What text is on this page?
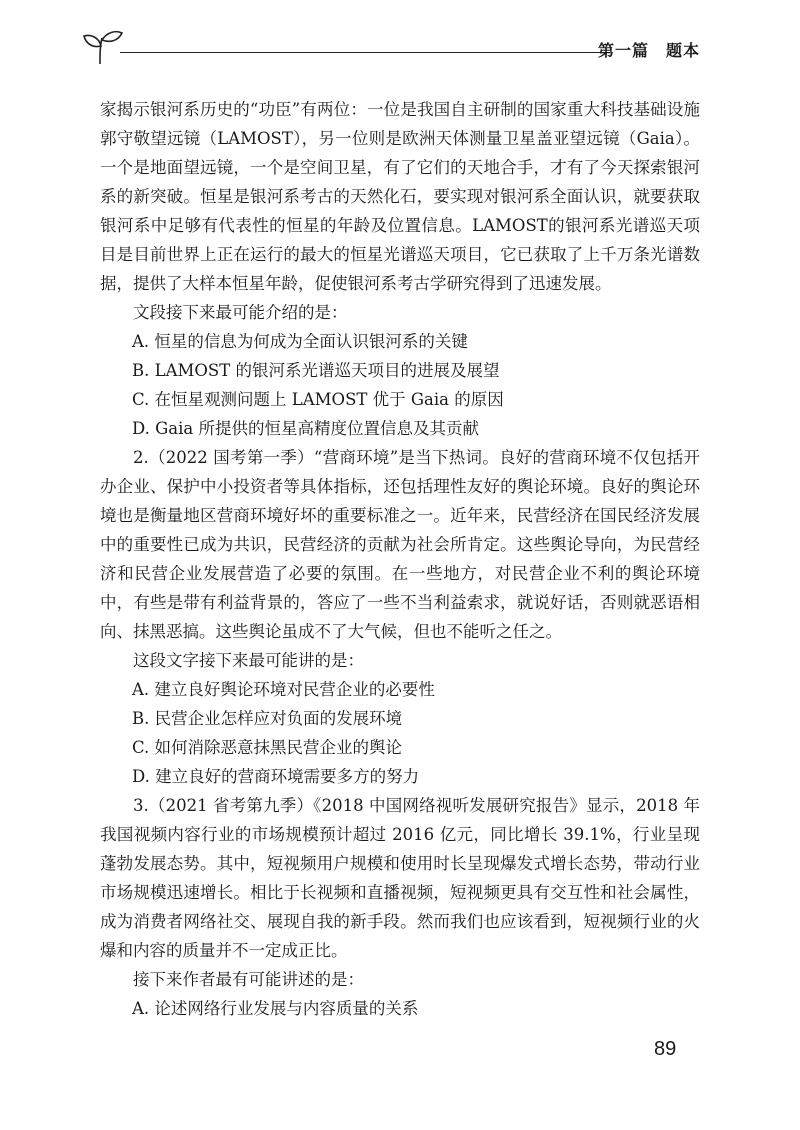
第一篇　题本

家揭示银河系历史的“功臣”有两位：一位是我国自主研制的国家重大科技基础设施郭守敬望远镜（LAMOST），另一位则是欧洲天体测量卫星盖亚望远镜（Gaia）。一个是地面望远镜，一个是空间卫星，有了它们的天地合手，才有了今天探索银河系的新突破。恒星是银河系考古的天然化石，要实现对银河系全面认识，就要获取银河系中足够有代表性的恒星的年龄及位置信息。LAMOST的银河系光谱巡天项目是目前世界上正在运行的最大的恒星光谱巡天项目，它已获取了上千万条光谱数据，提供了大样本恒星年龄，促使银河系考古学研究得到了迅速发展。

文段接下来最可能介绍的是：

A. 恒星的信息为何成为全面认识银河系的关键

B. LAMOST 的银河系光谱巡天项目的进展及展望

C. 在恒星观测问题上 LAMOST 优于 Gaia 的原因

D. Gaia 所提供的恒星高精度位置信息及其贡献

2.（2022 国考第一季）“营商环境”是当下热词。良好的营商环境不仅包括开办企业、保护中小投资者等具体指标，还包括理性友好的舆论环境。良好的舆论环境也是衡量地区营商环境好坏的重要标准之一。近年来，民营经济在国民经济发展中的重要性已成为共识，民营经济的贡献为社会所肯定。这些舆论导向，为民营经济和民营企业发展营造了必要的氛围。在一些地方，对民营企业不利的舆论环境中，有些是带有利益背景的，答应了一些不当利益索求，就说好话，否则就恶语相向、抹黑恶搞。这些舆论虽成不了大气候，但也不能听之任之。

这段文字接下来最可能讲的是：

A. 建立良好舆论环境对民营企业的必要性

B. 民营企业怎样应对负面的发展环境

C. 如何消除恶意抹黑民营企业的舆论

D. 建立良好的营商环境需要多方的努力

3.（2021 省考第九季）《2018 中国网络视听发展研究报告》显示，2018 年我国视频内容行业的市场规模预计超过 2016 亿元，同比增长 39.1%，行业呈现蓬勃发展态势。其中，短视频用户规模和使用时长呈现爆发式增长态势，带动行业市场规模迅速增长。相比于长视频和直播视频，短视频更具有交互性和社会属性，成为消费者网络社交、展现自我的新手段。然而我们也应该看到，短视频行业的火爆和内容的质量并不一定成正比。

接下来作者最有可能讲述的是：

A. 论述网络行业发展与内容质量的关系

89
